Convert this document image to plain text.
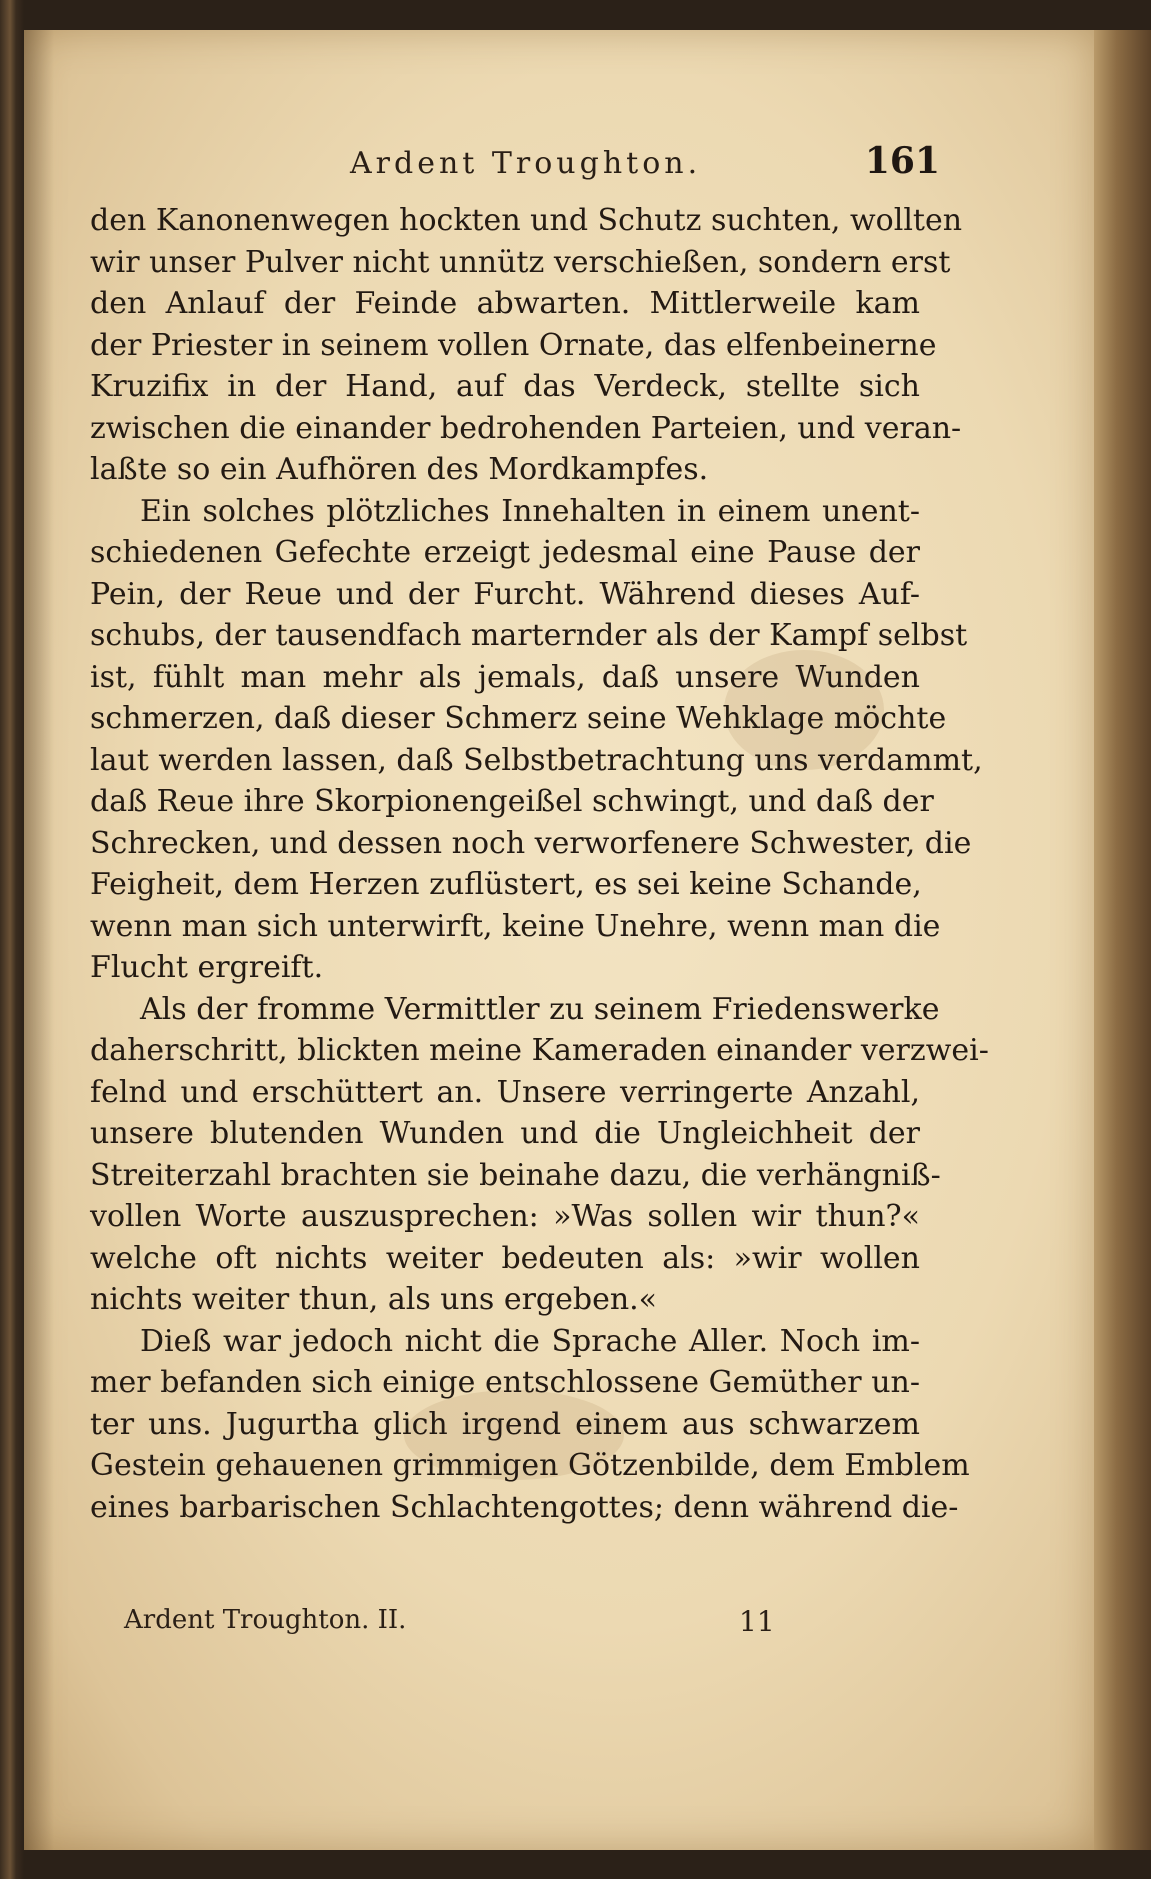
Ardent Troughton.	161
den Kanonenwegen hockten und Schutz suchten, wollten
wir unser Pulver nicht unnütz verschießen, sondern erst
den Anlauf der Feinde abwarten. Mittlerweile kam
der Priester in seinem vollen Ornate, das elfenbeinerne
Kruzifix in der Hand, auf das Verdeck, stellte sich
zwischen die einander bedrohenden Parteien, und veran-
laßte so ein Aufhören des Mordkampfes.
Ein solches plötzliches Innehalten in einem unent-
schiedenen Gefechte erzeigt jedesmal eine Pause der
Pein, der Reue und der Furcht. Während dieses Auf-
schubs, der tausendfach marternder als der Kampf selbst
ist, fühlt man mehr als jemals, daß unsere Wunden
schmerzen, daß dieser Schmerz seine Wehklage möchte
laut werden lassen, daß Selbstbetrachtung uns verdammt,
daß Reue ihre Skorpionengeißel schwingt, und daß der
Schrecken, und dessen noch verworfenere Schwester, die
Feigheit, dem Herzen zuflüstert, es sei keine Schande,
wenn man sich unterwirft, keine Unehre, wenn man die
Flucht ergreift.
Als der fromme Vermittler zu seinem Friedenswerke
daherschritt, blickten meine Kameraden einander verzwei-
felnd und erschüttert an. Unsere verringerte Anzahl,
unsere blutenden Wunden und die Ungleichheit der
Streiterzahl brachten sie beinahe dazu, die verhängniß-
vollen Worte auszusprechen: »Was sollen wir thun?«
welche oft nichts weiter bedeuten als: »wir wollen
nichts weiter thun, als uns ergeben.«
Dieß war jedoch nicht die Sprache Aller. Noch im-
mer befanden sich einige entschlossene Gemüther un-
ter uns. Jugurtha glich irgend einem aus schwarzem
Gestein gehauenen grimmigen Götzenbilde, dem Emblem
eines barbarischen Schlachtengottes; denn während die-
Ardent Troughton. II.	11
